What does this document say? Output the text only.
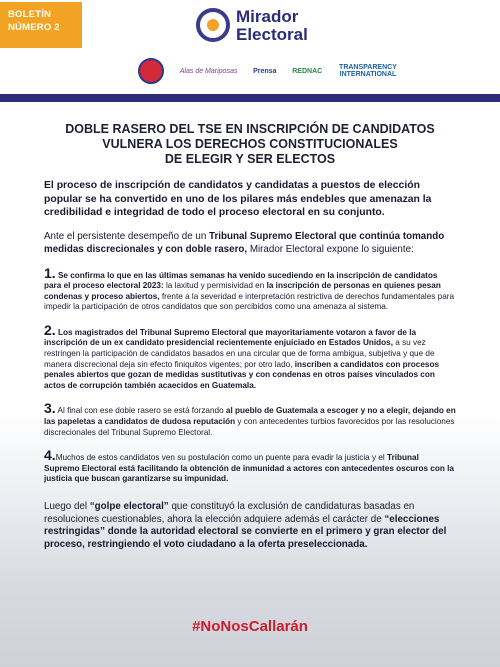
BOLETÍN
NÚMERO 2
Mirador
Electoral
Alas de Mariposas Prensa REDNAC TRANSPARENCY INTERNATIONAL
DOBLE RASERO DEL TSE EN INSCRIPCIÓN DE CANDIDATOS
VULNERA LOS DERECHOS CONSTITUCIONALES
DE ELEGIR Y SER ELECTOS

El proceso de inscripción de candidatos y candidatas a puestos de elección popular se ha convertido en uno de los pilares más endebles que amenazan la credibilidad e integridad de todo el proceso electoral en su conjunto.

Ante el persistente desempeño de un Tribunal Supremo Electoral que continúa tomando medidas discrecionales y con doble rasero, Mirador Electoral expone lo siguiente:

1. Se confirma lo que en las últimas semanas ha venido sucediendo en la inscripción de candidatos para el proceso electoral 2023: la laxitud y permisividad en la inscripción de personas en quienes pesan condenas y proceso abiertos, frente a la severidad e interpretación restrictiva de derechos fundamentales para impedir la participación de otros candidatos que son percibidos como una amenaza al sistema.

2. Los magistrados del Tribunal Supremo Electoral que mayoritariamente votaron a favor de la inscripción de un ex candidato presidencial recientemente enjuiciado en Estados Unidos, a su vez restringen la participación de candidatos basados en una circular que de forma ambigua, subjetiva y que de manera discrecional deja sin efecto finiquitos vigentes; por otro lado, inscriben a candidatos con procesos penales abiertos que gozan de medidas sustitutivas y con condenas en otros países vinculados con actos de corrupción también acaecidos en Guatemala.

3. Al final con ese doble rasero se está forzando al pueblo de Guatemala a escoger y no a elegir, dejando en las papeletas a candidatos de dudosa reputación y con antecedentes turbios favorecidos por las resoluciones discrecionales del Tribunal Supremo Electoral.

4.Muchos de estos candidatos ven su postulación como un puente para evadir la justicia y el Tribunal Supremo Electoral está facilitando la obtención de inmunidad a actores con antecedentes oscuros con la justicia que buscan garantizarse su impunidad.

Luego del “golpe electoral” que constituyó la exclusión de candidaturas basadas en resoluciones cuestionables, ahora la elección adquiere además el carácter de “elecciones restringidas” donde la autoridad electoral se convierte en el primero y gran elector del proceso, restringiendo el voto ciudadano a la oferta preseleccionada.

#NoNosCallarán
